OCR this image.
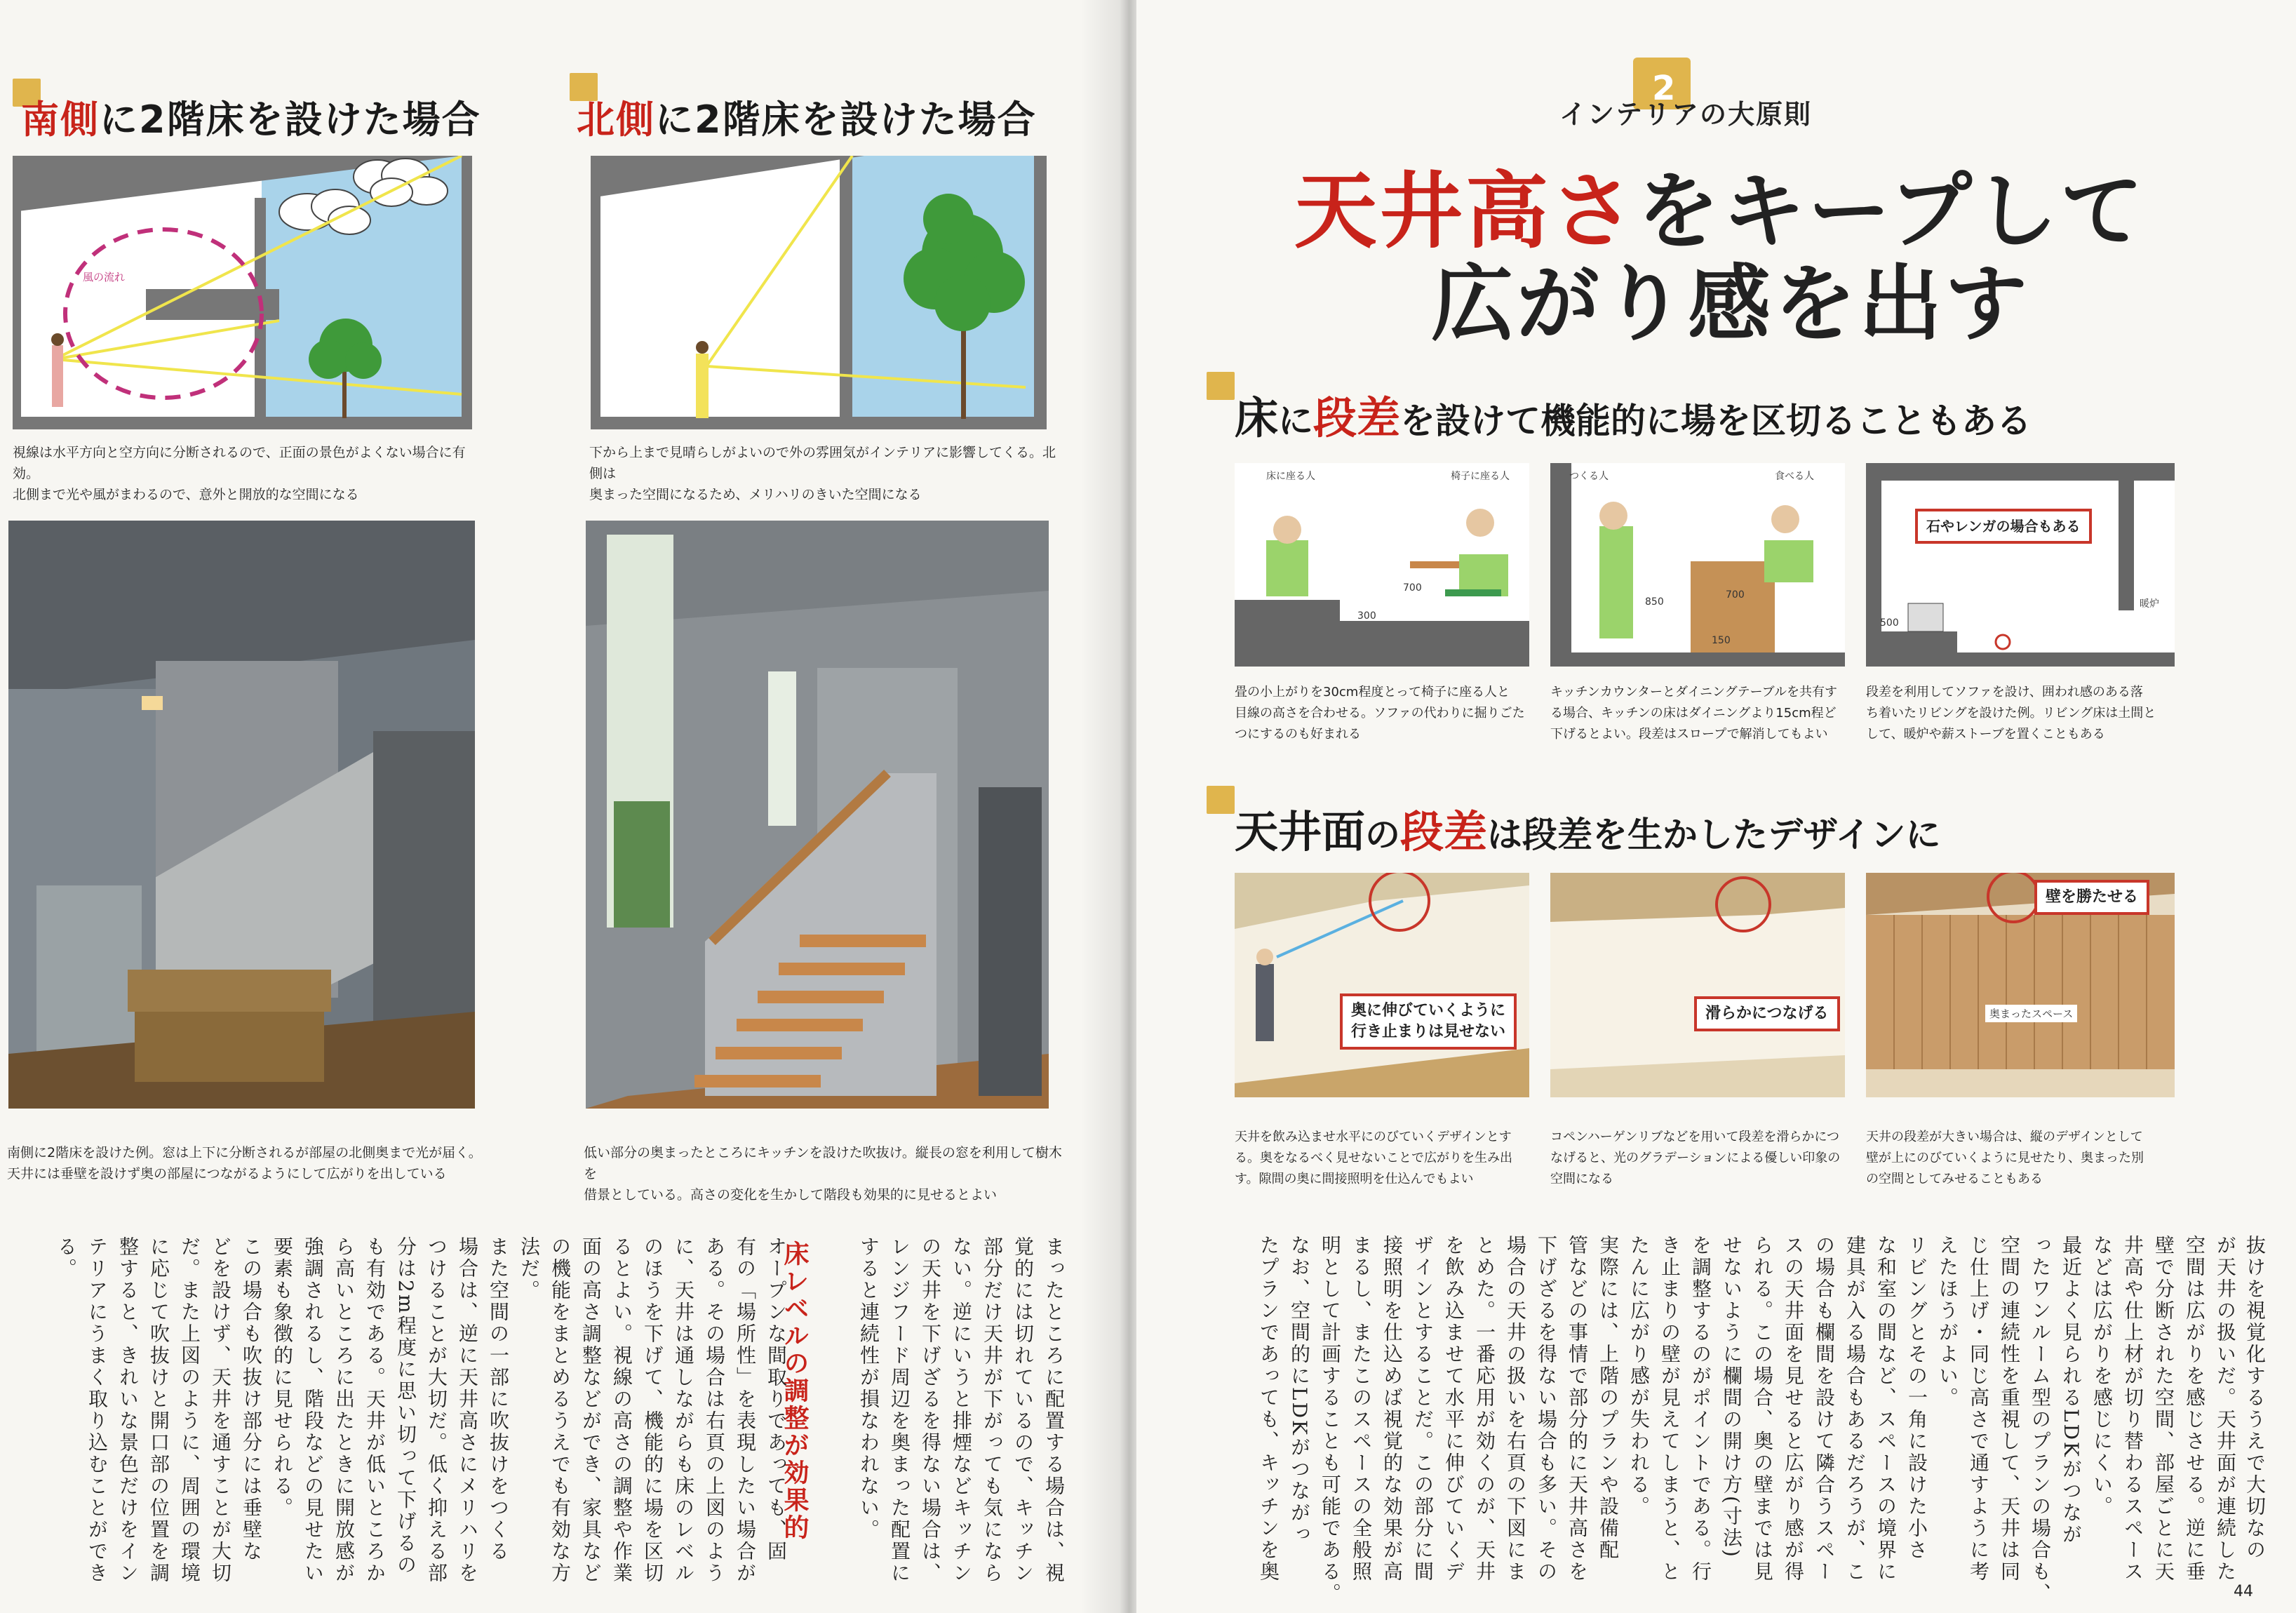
南側に2階床を設けた場合	北側に2階床を設けた場合
風の流れ
視線は水平方向と空方向に分断されるので、正面の景色がよくない場合に有効。
北側まで光や風がまわるので、意外と開放的な空間になる
下から上まで見晴らしがよいので外の雰囲気がインテリアに影響してくる。北側は
奥まった空間になるため、メリハリのきいた空間になる
南側に2階床を設けた例。窓は上下に分断されるが部屋の北側奥まで光が届く。
天井には垂壁を設けず奥の部屋につながるようにして広がりを出している
低い部分の奥まったところにキッチンを設けた吹抜け。縦長の窓を利用して樹木を
借景としている。高さの変化を生かして階段も効果的に見せるとよい
床レベルの調整が効果的	まったところに配置する場合は、視
覚的には切れているので、キッチン
部分だけ天井が下がっても気になら
ない。逆にいうと排煙などキッチン
の天井を下げざるを得ない場合は、
レンジフード周辺を奥まった配置に
すると連続性が損なわれない。
オープンな間取りであっても、固
有の「場所性」を表現したい場合が
ある。その場合は右頁の上図のよう
に、天井は通しながらも床のレベル
のほうを下げて、機能的に場を区切
るとよい。視線の高さの調整や作業
面の高さ調整などができ、家具など
の機能をまとめるうえでも有効な方
法だ。
また空間の一部に吹抜けをつくる
場合は、逆に天井高さにメリハリを
つけることが大切だ。低く抑える部
分は2m程度に思い切って下げるの
も有効である。天井が低いところか
ら高いところに出たときに開放感が
強調されるし、階段などの見せたい
要素も象徴的に見せられる。
この場合も吹抜け部分には垂壁な
どを設けず、天井を通すことが大切
だ。また上図のように、周囲の環境
に応じて吹抜けと開口部の位置を調
整すると、きれいな景色だけをイン
テリアにうまく取り込むことができ
る。
2
インテリアの大原則
天井高さをキープして
広がり感を出す
床に段差を設けて機能的に場を区切ることもある
床に座る人	椅子に座る人
300
700
つくる人	食べる人
850
700
150
石やレンガの場合もある
暖炉
500
畳の小上がりを30cm程度とって椅子に座る人と
目線の高さを合わせる。ソファの代わりに掘りごた
つにするのも好まれる
キッチンカウンターとダイニングテーブルを共有す
る場合、キッチンの床はダイニングより15cm程ど
下げるとよい。段差はスロープで解消してもよい
段差を利用してソファを設け、囲われ感のある落
ち着いたリビングを設けた例。リビング床は土間と
して、暖炉や薪ストーブを置くこともある
天井面の段差は段差を生かしたデザインに
奥に伸びていくように
行き止まりは見せない
滑らかにつなげる
壁を勝たせる
奥まったスペース
天井を飲み込ませ水平にのびていくデザインとす
る。奥をなるべく見せないことで広がりを生み出
す。隙間の奥に間接照明を仕込んでもよい
コペンハーゲンリブなどを用いて段差を滑らかにつ
なげると、光のグラデーションによる優しい印象の
空間になる
天井の段差が大きい場合は、縦のデザインとして
壁が上にのびていくように見せたり、奥まった別
の空間としてみせることもある
抜けを視覚化するうえで大切なの
が天井の扱いだ。天井面が連続した
空間は広がりを感じさせる。逆に垂
壁で分断された空間、部屋ごとに天
井高や仕上材が切り替わるスペース
などは広がりを感じにくい。
最近よく見られるLDKがつなが
ったワンルーム型のプランの場合も、
空間の連続性を重視して、天井は同
じ仕上げ・同じ高さで通すように考
えたほうがよい。
リビングとその一角に設けた小さ
な和室の間など、スペースの境界に
建具が入る場合もあるだろうが、こ
の場合も欄間を設けて隣合うスペー
スの天井面を見せると広がり感が得
られる。この場合、奥の壁までは見
せないように欄間の開け方(寸法)
を調整するのがポイントである。行
き止まりの壁が見えてしまうと、と
たんに広がり感が失われる。
実際には、上階のプランや設備配
管などの事情で部分的に天井高さを
下げざるを得ない場合も多い。その
場合の天井の扱いを右頁の下図にま
とめた。一番応用が効くのが、天井
を飲み込ませて水平に伸びていくデ
ザインとすることだ。この部分に間
接照明を仕込めば視覚的な効果が高
まるし、またこのスペースの全般照
明として計画することも可能である。
なお、空間的にLDKがつながっ
たプランであっても、キッチンを奥
44
